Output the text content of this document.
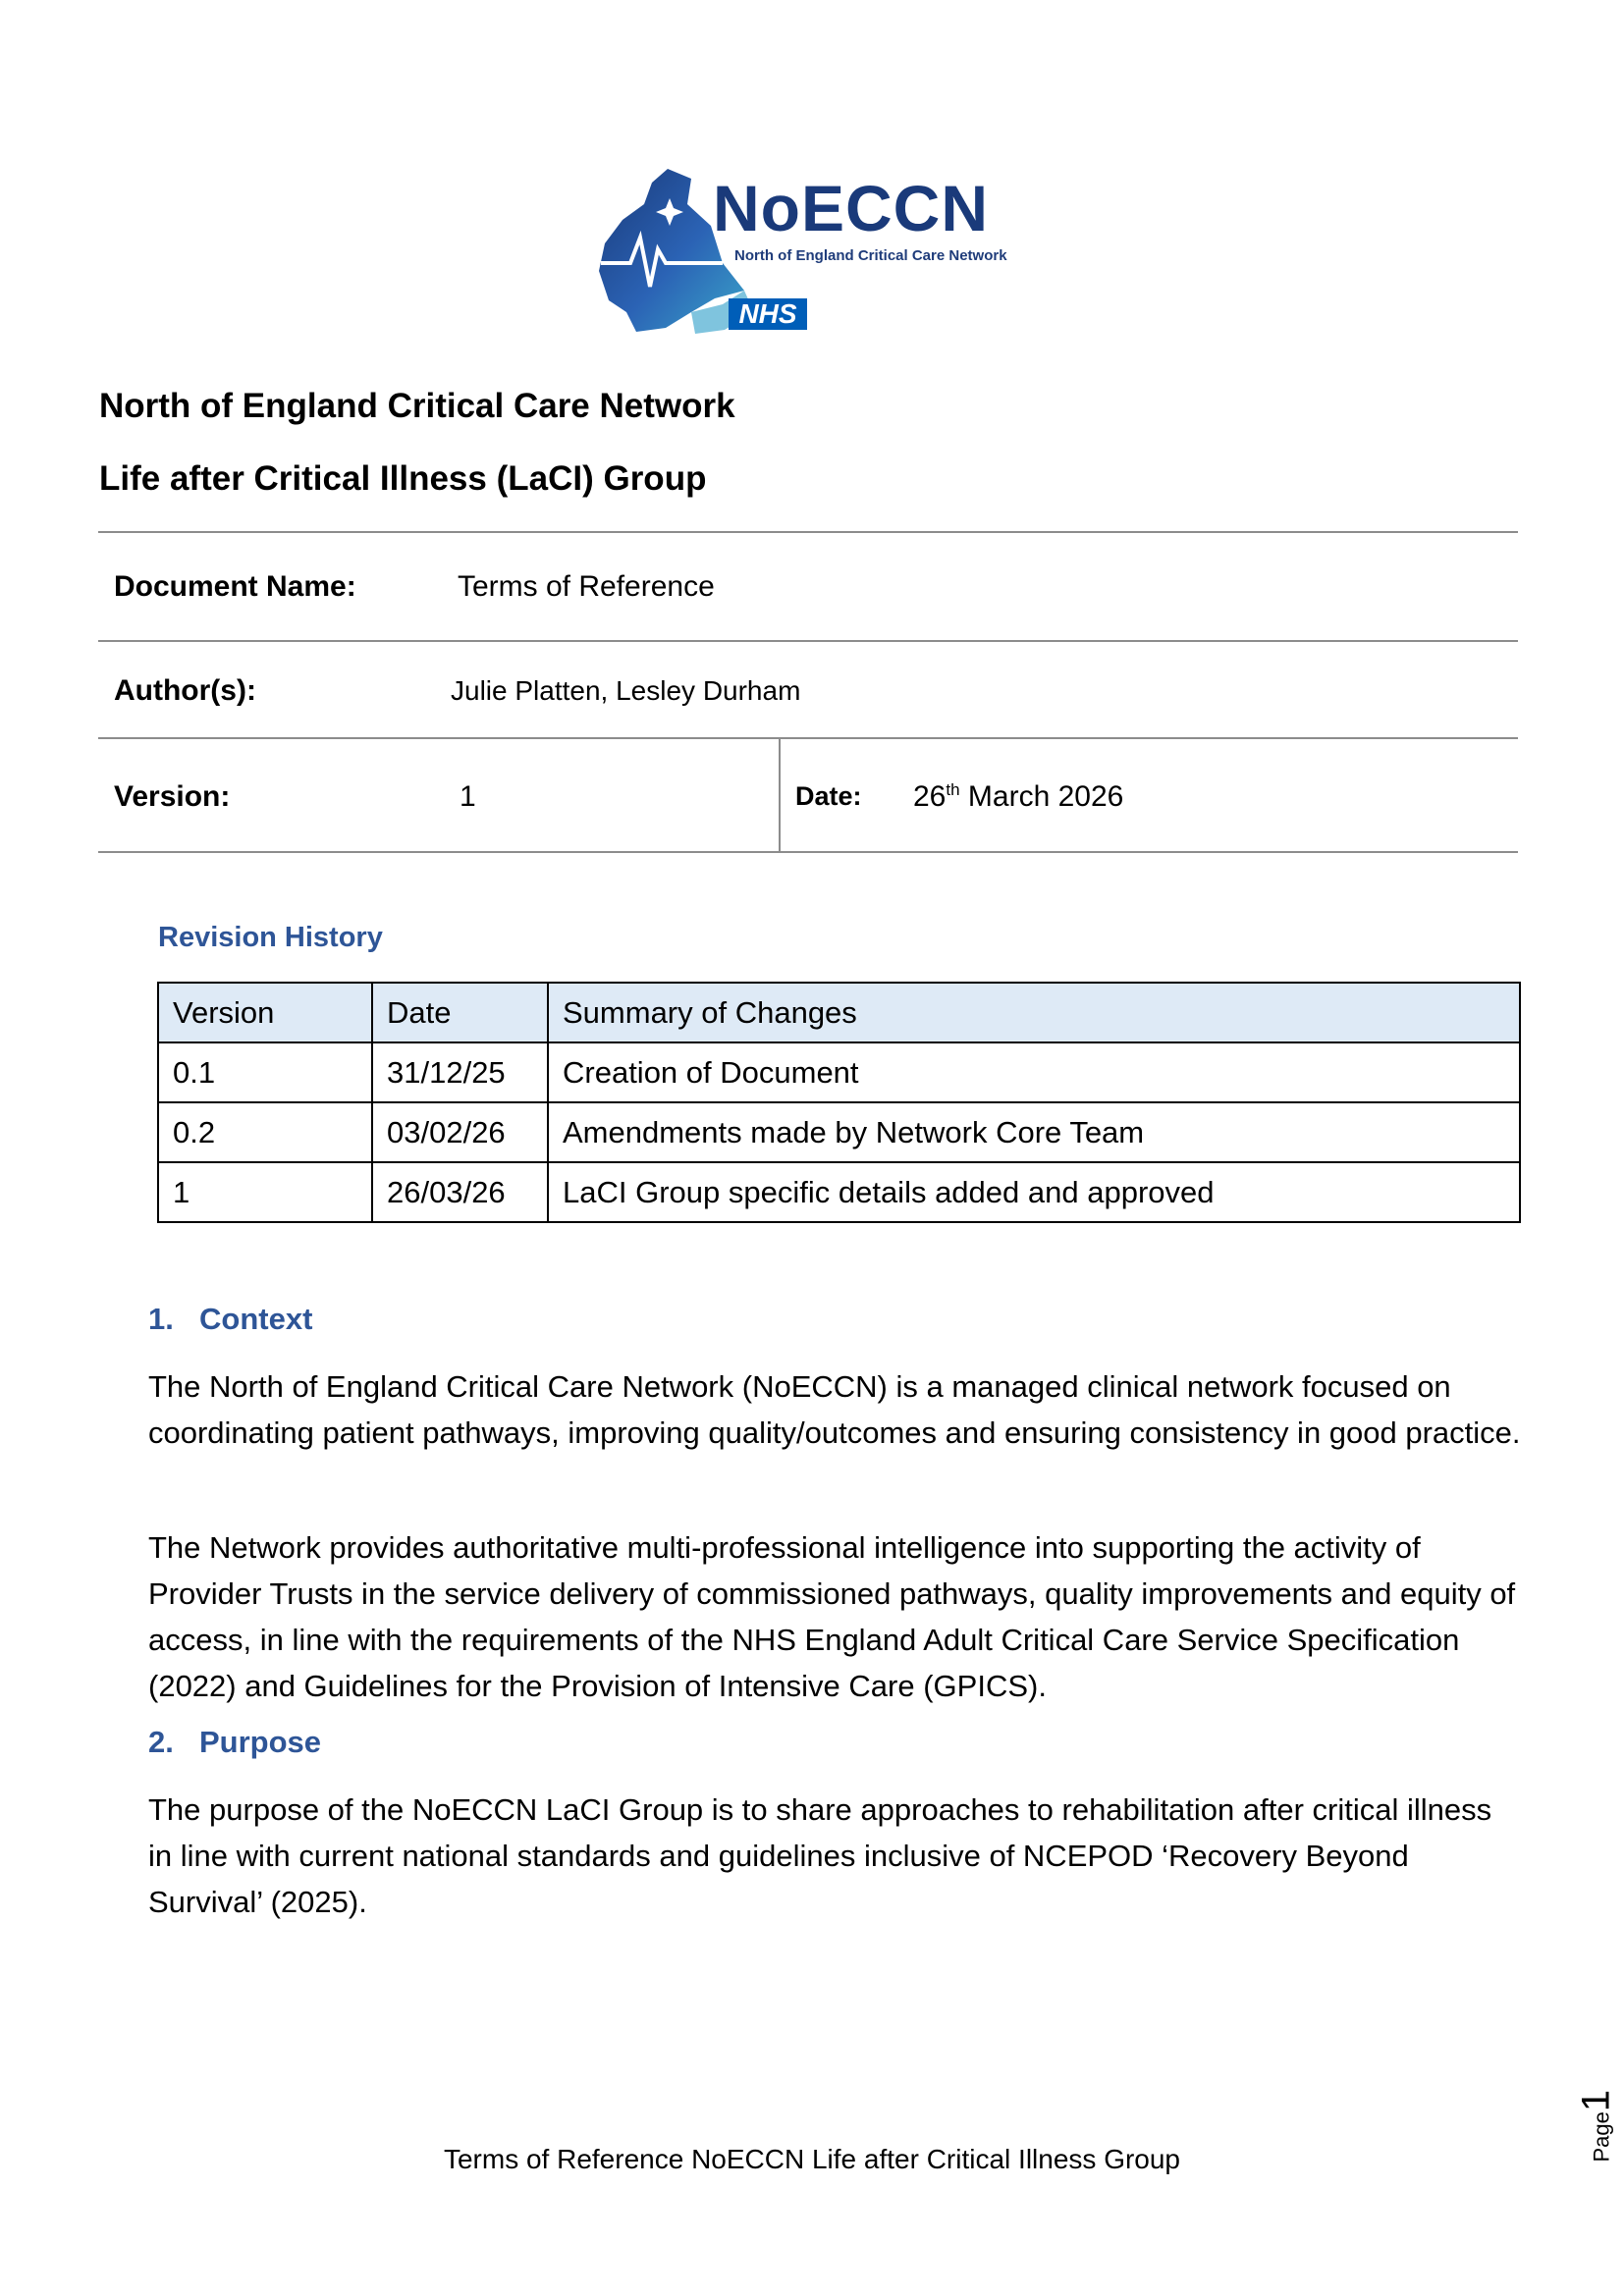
NoECCN
North of England Critical Care Network
NHS
North of England Critical Care Network
Life after Critical Illness (LaCI) Group
Document Name:	Terms of Reference
Author(s):	Julie Platten, Lesley Durham
Version:	1	Date: 26th March 2026
Revision History
Version	Date	Summary of Changes
0.1	31/12/25	Creation of Document
0.2	03/02/26	Amendments made by Network Core Team
1	26/03/26	LaCI Group specific details added and approved
1. Context

The North of England Critical Care Network (NoECCN) is a managed clinical network focused on coordinating patient pathways, improving quality/outcomes and ensuring consistency in good practice.

The Network provides authoritative multi-professional intelligence into supporting the activity of Provider Trusts in the service delivery of commissioned pathways, quality improvements and equity of access, in line with the requirements of the NHS England Adult Critical Care Service Specification (2022) and Guidelines for the Provision of Intensive Care (GPICS).

2. Purpose

The purpose of the NoECCN LaCI Group is to share approaches to rehabilitation after critical illness in line with current national standards and guidelines inclusive of NCEPOD ‘Recovery Beyond Survival’ (2025).

Page1
Terms of Reference NoECCN Life after Critical Illness Group
